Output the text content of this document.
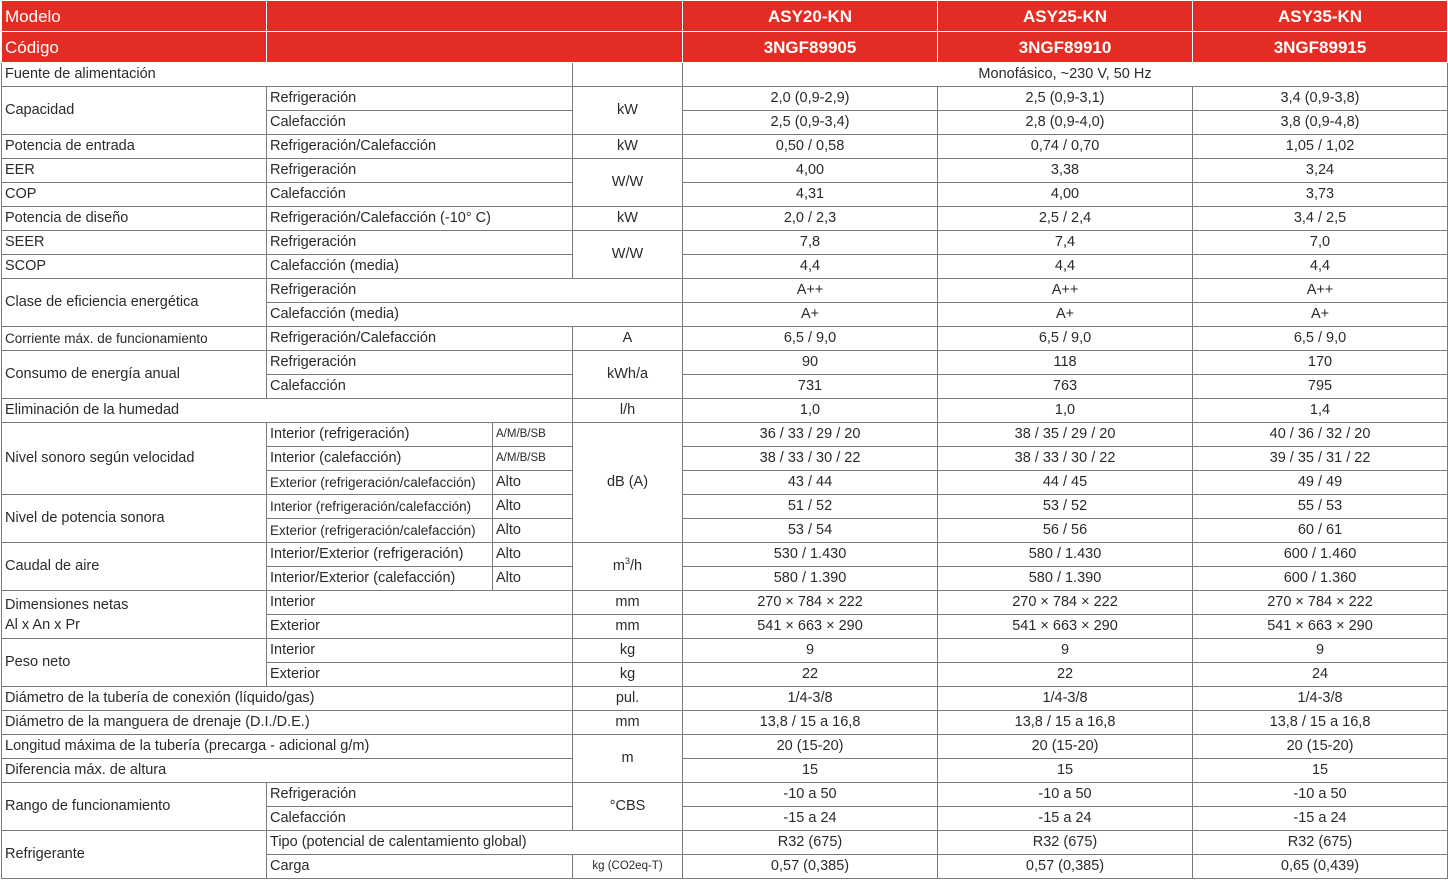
Modelo				ASY20-KN	ASY25-KN	ASY35-KN
Código				3NGF89905	3NGF89910	3NGF89915
Fuente de alimentación				Monofásico, ~230 V, 50 Hz		
Capacidad	Refrigeración		kW	2,0 (0,9-2,9)	2,5 (0,9-3,1)	3,4 (0,9-3,8)
	Calefacción			2,5 (0,9-3,4)	2,8 (0,9-4,0)	3,8 (0,9-4,8)
Potencia de entrada	Refrigeración/Calefacción		kW	0,50 / 0,58	0,74 / 0,70	1,05 / 1,02
EER	Refrigeración		W/W	4,00	3,38	3,24
COP	Calefacción			4,31	4,00	3,73
Potencia de diseño	Refrigeración/Calefacción (-10° C)		kW	2,0 / 2,3	2,5 / 2,4	3,4 / 2,5
SEER	Refrigeración		W/W	7,8	7,4	7,0
SCOP	Calefacción (media)			4,4	4,4	4,4
Clase de eficiencia energética	Refrigeración			A++	A++	A++
	Calefacción (media)			A+	A+	A+
Corriente máx. de funcionamiento	Refrigeración/Calefacción		A	6,5 / 9,0	6,5 / 9,0	6,5 / 9,0
Consumo de energía anual	Refrigeración		kWh/a	90	118	170
	Calefacción			731	763	795
Eliminación de la humedad			l/h	1,0	1,0	1,4
Nivel sonoro según velocidad	Interior (refrigeración)	A/M/B/SB	dB (A)	36 / 33 / 29 / 20	38 / 35 / 29 / 20	40 / 36 / 32 / 20
	Interior (calefacción)	A/M/B/SB		38 / 33 / 30 / 22	38 / 33 / 30 / 22	39 / 35 / 31 / 22
	Exterior (refrigeración/calefacción)	Alto		43 / 44	44 / 45	49 / 49
Nivel de potencia sonora	Interior (refrigeración/calefacción)	Alto		51 / 52	53 / 52	55 / 53
	Exterior (refrigeración/calefacción)	Alto		53 / 54	56 / 56	60 / 61
Caudal de aire	Interior/Exterior (refrigeración)	Alto	$m^3/h$	530 / 1.430	580 / 1.430	600 / 1.460
	Interior/Exterior (calefacción)	Alto		580 / 1.390	580 / 1.390	600 / 1.360
Dimensiones netas
Al x An x Pr	Interior		mm	270 × 784 × 222	270 × 784 × 222	270 × 784 × 222
	Exterior		mm	541 × 663 × 290	541 × 663 × 290	541 × 663 × 290
Peso neto	Interior		kg	9	9	9
	Exterior		kg	22	22	24
Diámetro de la tubería de conexión (líquido/gas)			pul.	1/4-3/8	1/4-3/8	1/4-3/8
Diámetro de la manguera de drenaje (D.I./D.E.)			mm	13,8 / 15 a 16,8	13,8 / 15 a 16,8	13,8 / 15 a 16,8
Longitud máxima de la tubería (precarga - adicional g/m)			m	20 (15-20)	20 (15-20)	20 (15-20)
Diferencia máx. de altura				15	15	15
Rango de funcionamiento	Refrigeración		°CBS	-10 a 50	-10 a 50	-10 a 50
	Calefacción			-15 a 24	-15 a 24	-15 a 24
Refrigerante	Tipo (potencial de calentamiento global)			R32 (675)	R32 (675)	R32 (675)
	Carga		kg (CO2eq-T)	0,57 (0,385)	0,57 (0,385)	0,65 (0,439)
